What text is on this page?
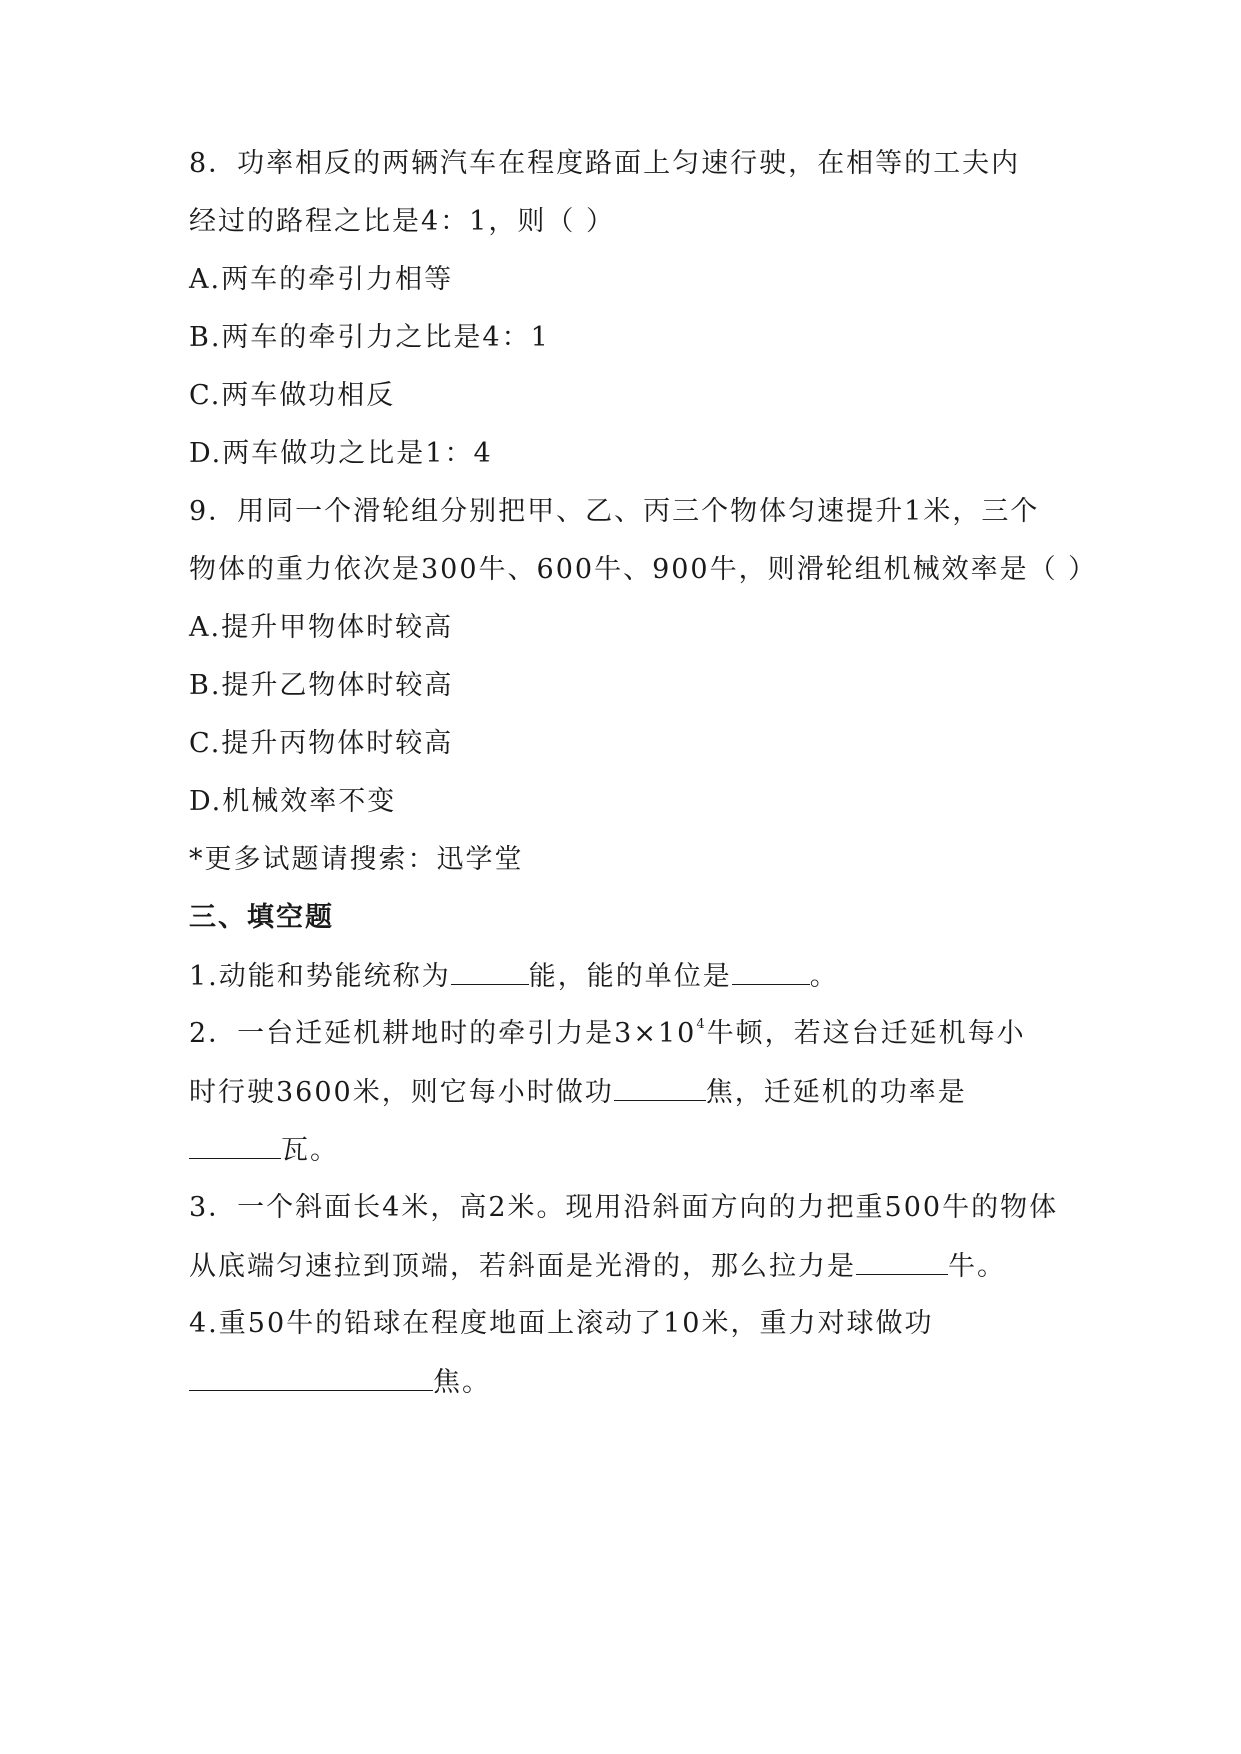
8．功率相反的两辆汽车在程度路面上匀速行驶，在相等的工夫内
经过的路程之比是4：1，则（ ）
A.两车的牵引力相等
B.两车的牵引力之比是4：1
C.两车做功相反
D.两车做功之比是1：4
9．用同一个滑轮组分别把甲、乙、丙三个物体匀速提升1米，三个
物体的重力依次是300牛、600牛、900牛，则滑轮组机械效率是（ ）
A.提升甲物体时较高
B.提升乙物体时较高
C.提升丙物体时较高
D.机械效率不变
*更多试题请搜索：迅学堂
三、填空题
1.动能和势能统称为	能，能的单位是	。
2．一台迁延机耕地时的牵引力是$3\times 10^4$牛顿，若这台迁延机每小
时行驶3600米，则它每小时做功	焦，迁延机的功率是
瓦。
3．一个斜面长4米，高2米。现用沿斜面方向的力把重500牛的物体
从底端匀速拉到顶端，若斜面是光滑的，那么拉力是	牛。
4.重50牛的铅球在程度地面上滚动了10米，重力对球做功
焦。
